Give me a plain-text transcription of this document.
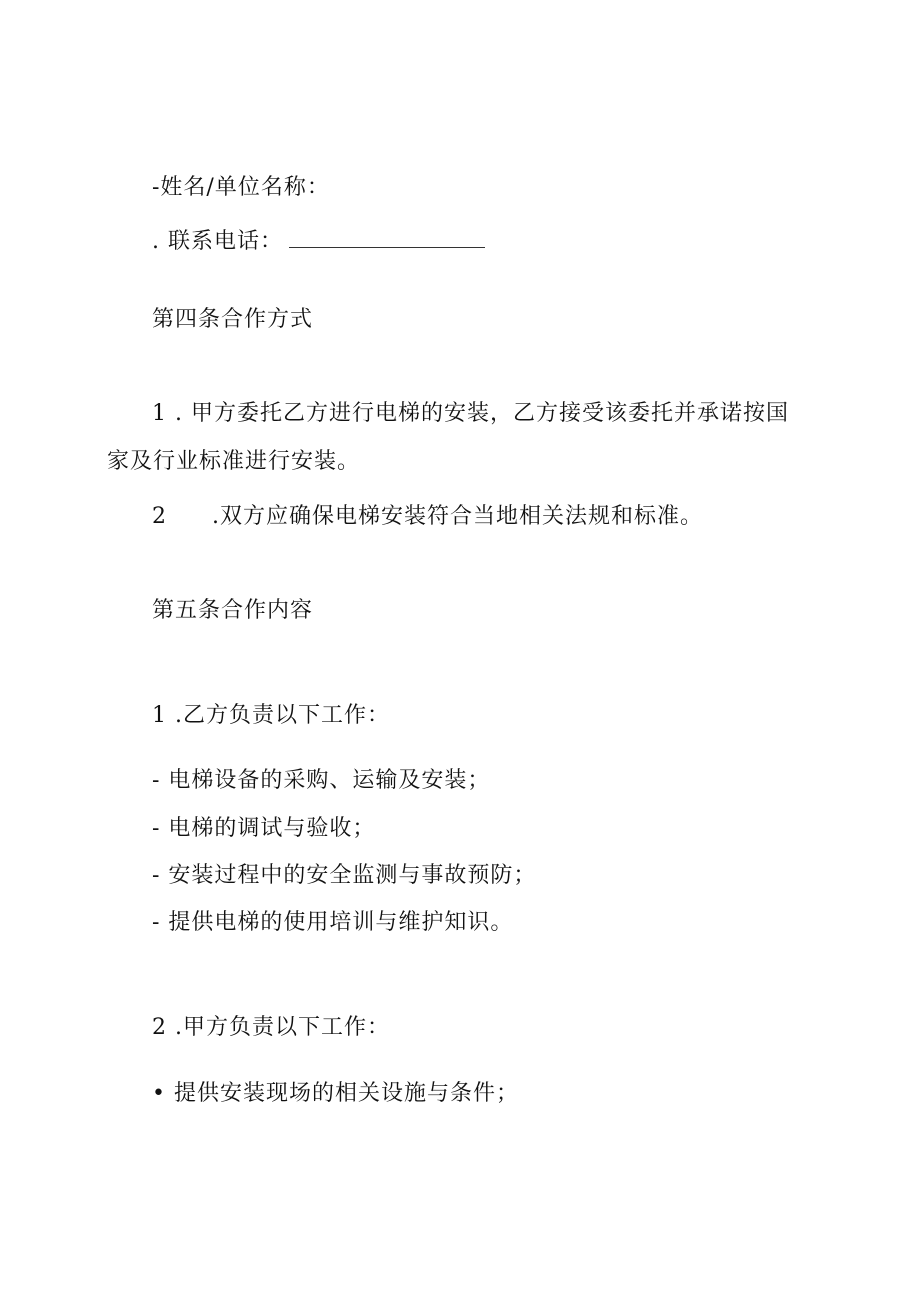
-姓名/单位名称：
. 联系电话：
第四条合作方式
1 . 甲方委托乙方进行电梯的安装，乙方接受该委托并承诺按国
家及行业标准进行安装。
2 .双方应确保电梯安装符合当地相关法规和标准。
第五条合作内容
1 .乙方负责以下工作：
- 电梯设备的采购、运输及安装；
- 电梯的调试与验收；
- 安装过程中的安全监测与事故预防；
- 提供电梯的使用培训与维护知识。
2 .甲方负责以下工作：
• 提供安装现场的相关设施与条件；
